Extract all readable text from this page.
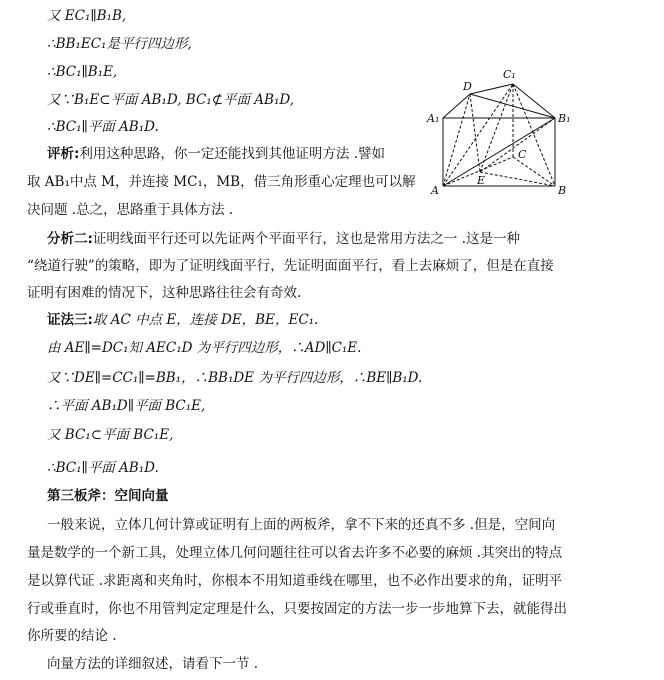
又 EC₁∥B₁B,
∴BB₁EC₁是平行四边形,
∴BC₁∥B₁E,
又∵B₁E⊂平面 AB₁D, BC₁⊄平面 AB₁D,
∴BC₁∥平面 AB₁D.
评析:利用这种思路，你一定还能找到其他证明方法 .譬如
取 AB₁中点 M，并连接 MC₁，MB，借三角形重心定理也可以解
决问题 .总之，思路重于具体方法 .
A
A₁
B
B₁
C
C₁
D
E
分析二:证明线面平行还可以先证两个平面平行，这也是常用方法之一 .这是一种
“绕道行驶”的策略，即为了证明线面平行，先证明面面平行，看上去麻烦了，但是在直接
证明有困难的情况下，这种思路往往会有奇效.
证法三:取 AC 中点 E，连接 DE，BE，EC₁.
由 AE∥=DC₁知 AEC₁D 为平行四边形，∴AD∥C₁E.
又∵DE∥=CC₁∥=BB₁，∴BB₁DE 为平行四边形，∴BE∥B₁D.
∴平面 AB₁D∥平面 BC₁E,
又 BC₁⊂平面 BC₁E,
∴BC₁∥平面 AB₁D.
第三板斧：空间向量
一般来说，立体几何计算或证明有上面的两板斧，拿不下来的还真不多 .但是，空间向
量是数学的一个新工具，处理立体几何问题往往可以省去许多不必要的麻烦 .其突出的特点
是以算代证 .求距离和夹角时，你根本不用知道垂线在哪里，也不必作出要求的角，证明平
行或垂直时，你也不用管判定定理是什么，只要按固定的方法一步一步地算下去，就能得出
你所要的结论 .
向量方法的详细叙述，请看下一节 .
